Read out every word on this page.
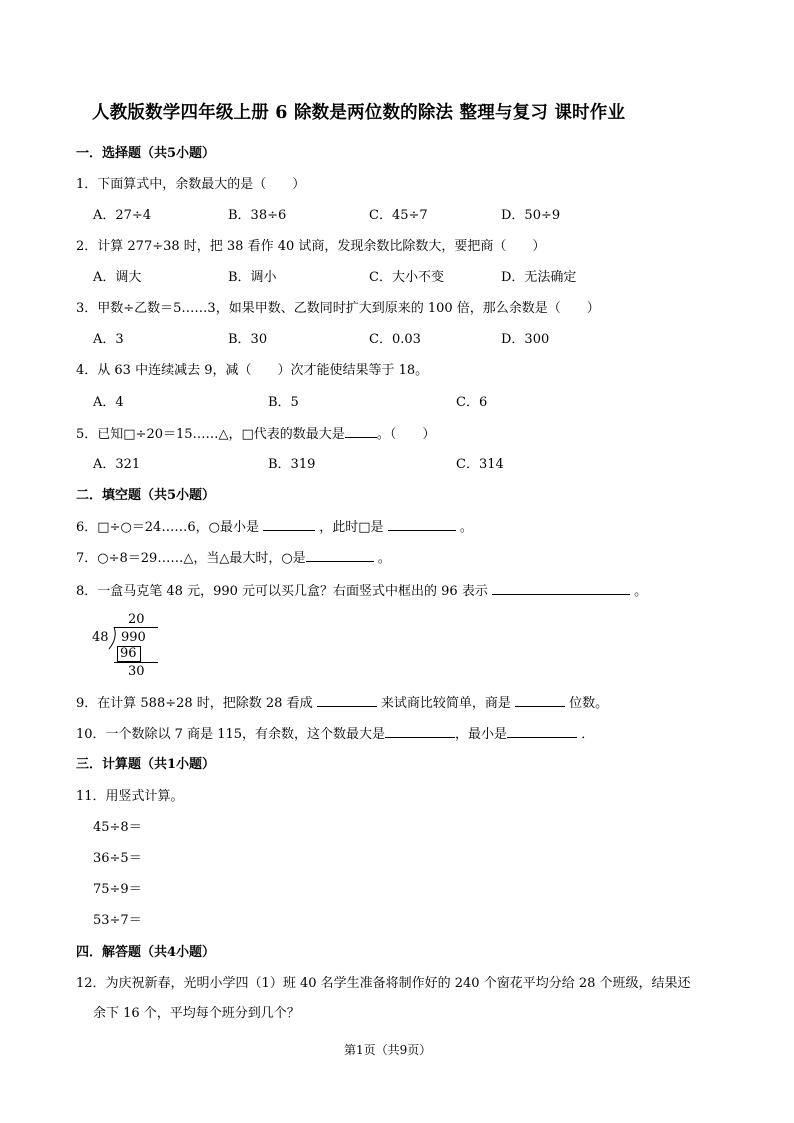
人教版数学四年级上册 6 除数是两位数的除法 整理与复习 课时作业
一．选择题（共5小题）
1．下面算式中，余数最大的是（　　）
A．27÷4	B．38÷6	C．45÷7	D．50÷9
2．计算 277÷38 时，把 38 看作 40 试商，发现余数比除数大，要把商（　　）
A．调大	B．调小	C．大小不变	D．无法确定
3．甲数÷乙数＝5……3，如果甲数、乙数同时扩大到原来的 100 倍，那么余数是（　　）
A．3	B．30	C．0.03	D．300
4．从 63 中连续减去 9，减（　　）次才能使结果等于 18。
A．4	B．5	C．6
5．已知□÷20＝15……△，□代表的数最大是 。（　　）
A．321	B．319	C．314
二．填空题（共5小题）
6．□÷○＝24……6，○最小是	，此时□是	。
7．○÷8＝29……△，当△最大时，○是	。
8．一盒马克笔 48 元，990 元可以买几盒？右面竖式中框出的 96 表示	。
20
48 990
96
30
9．在计算 588÷28 时，把除数 28 看成	来试商比较简单，商是	位数。
10．一个数除以 7 商是 115，有余数，这个数最大是	，最小是	．
三．计算题（共1小题）
11．用竖式计算。
45÷8＝
36÷5＝
75÷9＝
53÷7＝
四．解答题（共4小题）
12．为庆祝新春，光明小学四（1）班 40 名学生准备将制作好的 240 个窗花平均分给 28 个班级，结果还
余下 16 个，平均每个班分到几个？
第1页（共9页）
